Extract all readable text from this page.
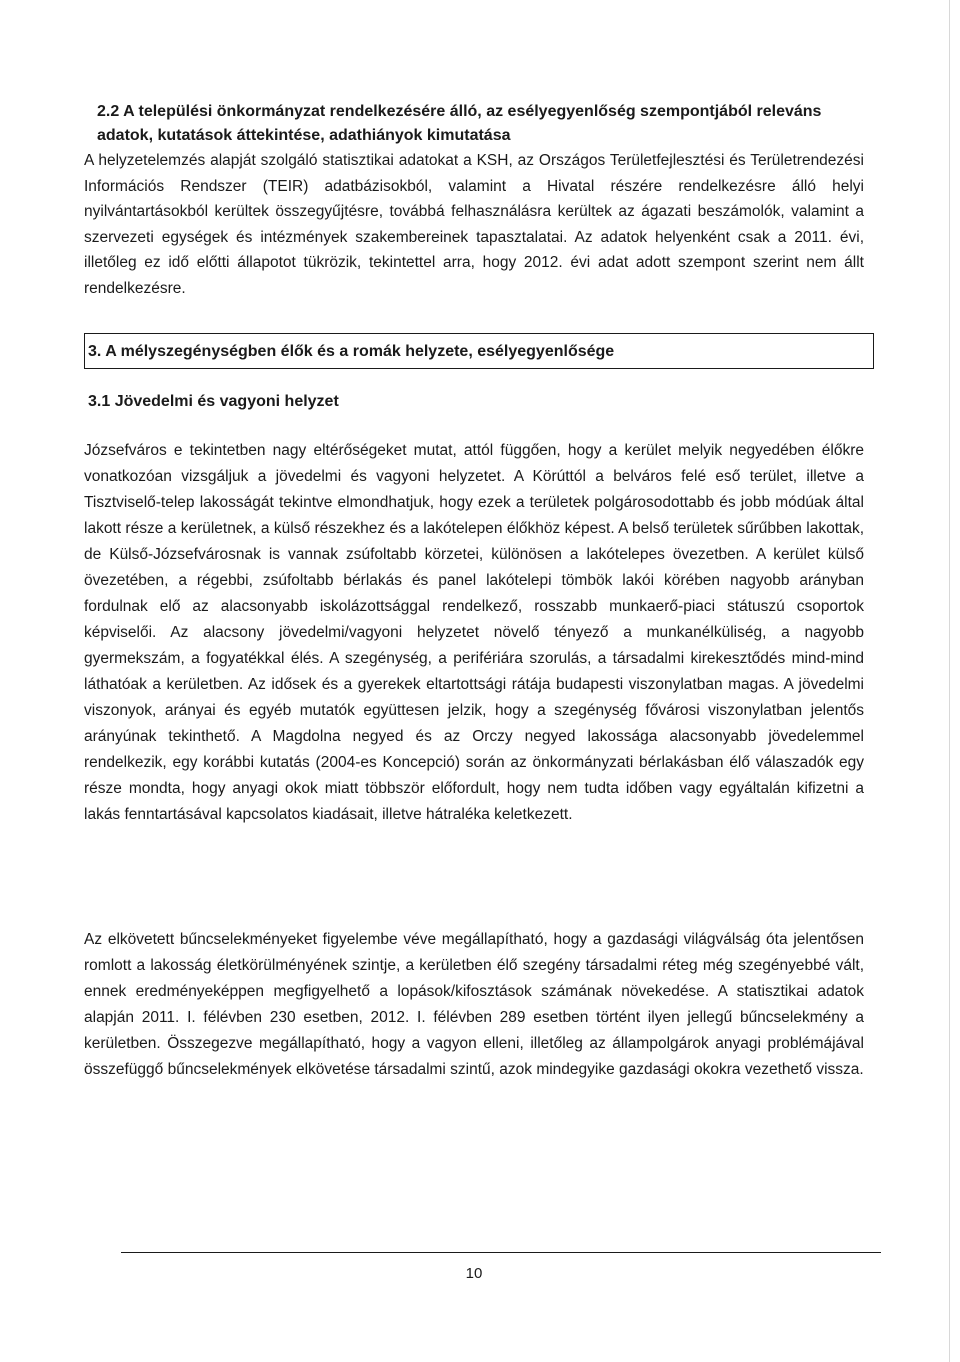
2.2 A települési önkormányzat rendelkezésére álló, az esélyegyenlőség szempontjából releváns adatok, kutatások áttekintése, adathiányok kimutatása
A helyzetelemzés alapját szolgáló statisztikai adatokat a KSH, az Országos Területfejlesztési és Területrendezési Információs Rendszer (TEIR) adatbázisokból, valamint a Hivatal részére rendelkezésre álló helyi nyilvántartásokból kerültek összegyűjtésre, továbbá felhasználásra kerültek az ágazati beszámolók, valamint a szervezeti egységek és intézmények szakembereinek tapasztalatai. Az adatok helyenként csak a 2011. évi, illetőleg ez idő előtti állapotot tükrözik, tekintettel arra, hogy 2012. évi adat adott szempont szerint nem állt rendelkezésre.
3. A mélyszegénységben élők és a romák helyzete, esélyegyenlősége
3.1 Jövedelmi és vagyoni helyzet
Józsefváros e tekintetben nagy eltérőségeket mutat, attól függően, hogy a kerület melyik negyedében élőkre vonatkozóan vizsgáljuk a jövedelmi és vagyoni helyzetet. A Körúttól a belváros felé eső terület, illetve a Tisztviselő-telep lakosságát tekintve elmondhatjuk, hogy ezek a területek polgárosodottabb és jobb módúak által lakott része a kerületnek, a külső részekhez és a lakótelepen élőkhöz képest. A belső területek sűrűbben lakottak, de Külső-Józsefvárosnak is vannak zsúfoltabb körzetei, különösen a lakótelepes övezetben. A kerület külső övezetében, a régebbi, zsúfoltabb bérlakás és panel lakótelepi tömbök lakói körében nagyobb arányban fordulnak elő az alacsonyabb iskolázottsággal rendelkező, rosszabb munkaerő-piaci státuszú csoportok képviselői. Az alacsony jövedelmi/vagyoni helyzetet növelő tényező a munkanélküliség, a nagyobb gyermekszám, a fogyatékkal élés. A szegénység, a perifériára szorulás, a társadalmi kirekesztődés mind-mind láthatóak a kerületben. Az idősek és a gyerekek eltartottsági rátája budapesti viszonylatban magas. A jövedelmi viszonyok, arányai és egyéb mutatók együttesen jelzik, hogy a szegénység fővárosi viszonylatban jelentős arányúnak tekinthető. A Magdolna negyed és az Orczy negyed lakossága alacsonyabb jövedelemmel rendelkezik, egy korábbi kutatás (2004-es Koncepció) során az önkormányzati bérlakásban élő válaszadók egy része mondta, hogy anyagi okok miatt többször előfordult, hogy nem tudta időben vagy egyáltalán kifizetni a lakás fenntartásával kapcsolatos kiadásait, illetve hátraléka keletkezett.
Az elkövetett bűncselekményeket figyelembe véve megállapítható, hogy a gazdasági világválság óta jelentősen romlott a lakosság életkörülményének szintje, a kerületben élő szegény társadalmi réteg még szegényebbé vált, ennek eredményeképpen megfigyelhető a lopások/kifosztások számának növekedése. A statisztikai adatok alapján 2011. I. félévben 230 esetben, 2012. I. félévben 289 esetben történt ilyen jellegű bűncselekmény a kerületben. Összegezve megállapítható, hogy a vagyon elleni, illetőleg az állampolgárok anyagi problémájával összefüggő bűncselekmények elkövetése társadalmi szintű, azok mindegyike gazdasági okokra vezethető vissza.
10
